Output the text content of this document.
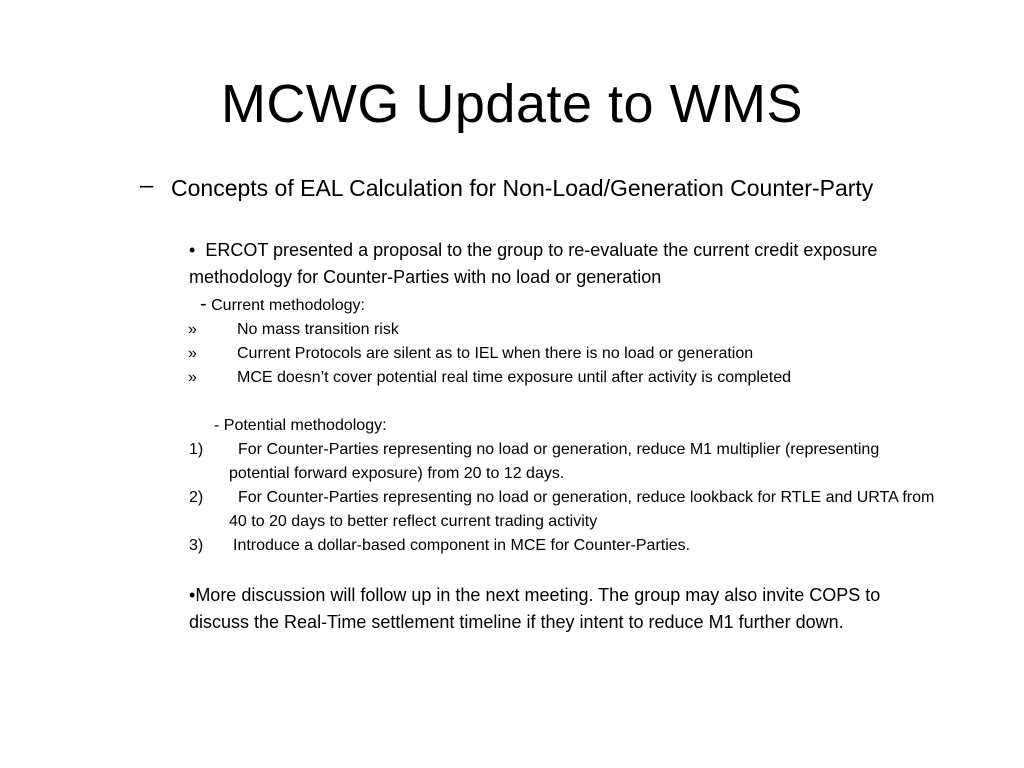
MCWG Update to WMS
– Concepts of EAL Calculation for Non-Load/Generation Counter-Party
• ERCOT presented a proposal to the group to re-evaluate the current credit exposure methodology for Counter-Parties with no load or generation
- Current methodology:
»	No mass transition risk
»	Current Protocols are silent as to IEL when there is no load or generation
»	MCE doesn’t cover potential real time exposure until after activity is completed
- Potential methodology:
1)	For Counter-Parties representing no load or generation, reduce M1 multiplier (representing potential forward exposure) from 20 to 12 days.
2)	For Counter-Parties representing no load or generation, reduce lookback for RTLE and URTA from 40 to 20 days to better reflect current trading activity
3) Introduce a dollar-based component in MCE for Counter-Parties.
•More discussion will follow up in the next meeting. The group may also invite COPS to discuss the Real-Time settlement timeline if they intent to reduce M1 further down.
